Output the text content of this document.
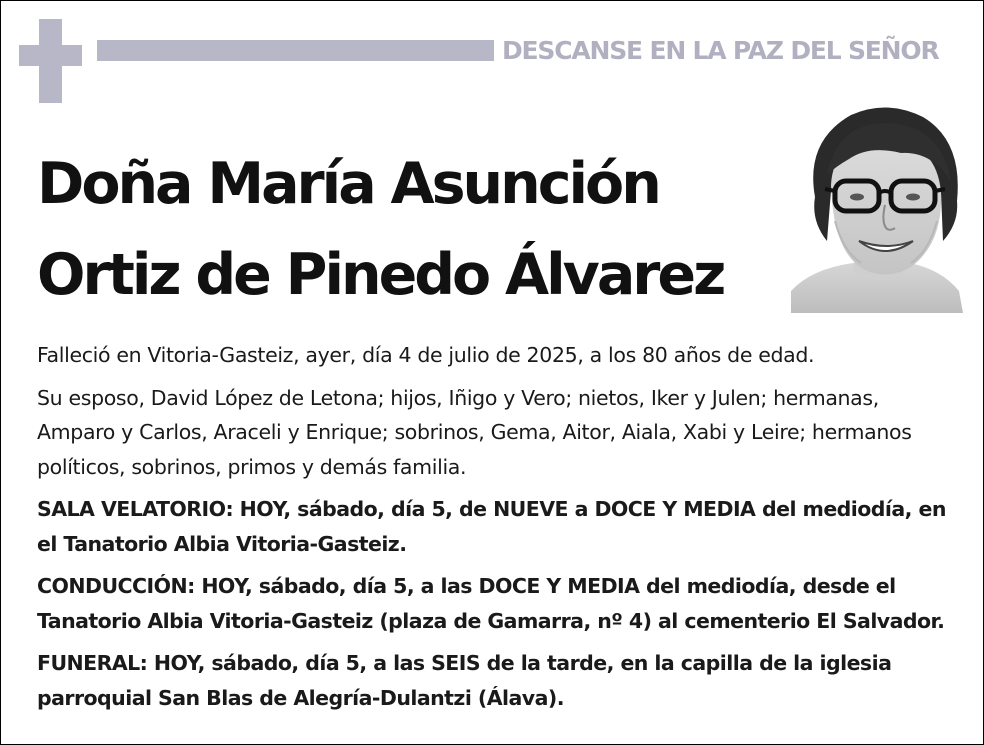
DESCANSE EN LA PAZ DEL SEÑOR
Doña María Asunción
Ortiz de Pinedo Álvarez

Falleció en Vitoria-Gasteiz, ayer, día 4 de julio de 2025, a los 80 años de edad.

Su esposo, David López de Letona; hijos, Iñigo y Vero; nietos, Iker y Julen; hermanas, Amparo y Carlos, Araceli y Enrique; sobrinos, Gema, Aitor, Aiala, Xabi y Leire; hermanos políticos, sobrinos, primos y demás familia.

SALA VELATORIO: HOY, sábado, día 5, de NUEVE a DOCE Y MEDIA del mediodía, en el Tanatorio Albia Vitoria-Gasteiz.

CONDUCCIÓN: HOY, sábado, día 5, a las DOCE Y MEDIA del mediodía, desde el Tanatorio Albia Vitoria-Gasteiz (plaza de Gamarra, nº 4) al cementerio El Salvador.

FUNERAL: HOY, sábado, día 5, a las SEIS de la tarde, en la capilla de la iglesia parroquial San Blas de Alegría-Dulantzi (Álava).
